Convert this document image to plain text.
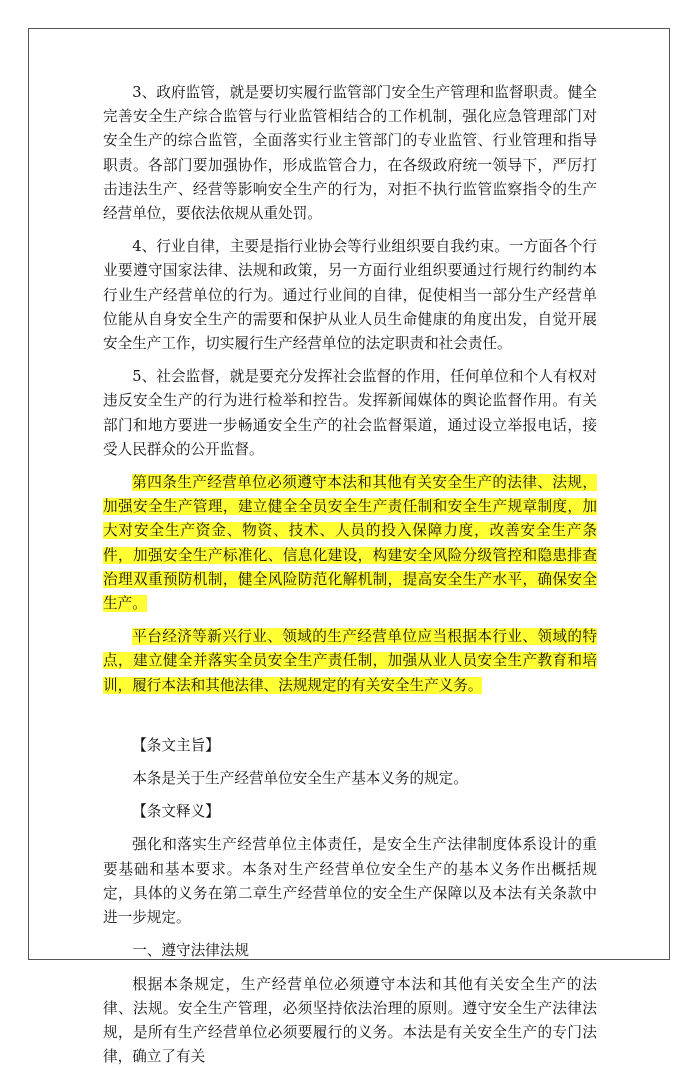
3、政府监管，就是要切实履行监管部门安全生产管理和监督职责。健全完善安全生产综合监管与行业监管相结合的工作机制，强化应急管理部门对安全生产的综合监管，全面落实行业主管部门的专业监管、行业管理和指导职责。各部门要加强协作，形成监管合力，在各级政府统一领导下，严厉打击违法生产、经营等影响安全生产的行为，对拒不执行监管监察指令的生产经营单位，要依法依规从重处罚。

4、行业自律，主要是指行业协会等行业组织要自我约束。一方面各个行业要遵守国家法律、法规和政策，另一方面行业组织要通过行规行约制约本行业生产经营单位的行为。通过行业间的自律，促使相当一部分生产经营单位能从自身安全生产的需要和保护从业人员生命健康的角度出发，自觉开展安全生产工作，切实履行生产经营单位的法定职责和社会责任。

5、社会监督，就是要充分发挥社会监督的作用，任何单位和个人有权对违反安全生产的行为进行检举和控告。发挥新闻媒体的舆论监督作用。有关部门和地方要进一步畅通安全生产的社会监督渠道，通过设立举报电话，接受人民群众的公开监督。

第四条生产经营单位必须遵守本法和其他有关安全生产的法律、法规，加强安全生产管理，建立健全全员安全生产责任制和安全生产规章制度，加大对安全生产资金、物资、技术、人员的投入保障力度，改善安全生产条件，加强安全生产标准化、信息化建设，构建安全风险分级管控和隐患排查治理双重预防机制，健全风险防范化解机制，提高安全生产水平，确保安全生产。

平台经济等新兴行业、领域的生产经营单位应当根据本行业、领域的特点，建立健全并落实全员安全生产责任制，加强从业人员安全生产教育和培训，履行本法和其他法律、法规规定的有关安全生产义务。

【条文主旨】

本条是关于生产经营单位安全生产基本义务的规定。

【条文释义】

强化和落实生产经营单位主体责任，是安全生产法律制度体系设计的重要基础和基本要求。本条对生产经营单位安全生产的基本义务作出概括规定，具体的义务在第二章生产经营单位的安全生产保障以及本法有关条款中进一步规定。

一、遵守法律法规

根据本条规定，生产经营单位必须遵守本法和其他有关安全生产的法律、法规。安全生产管理，必须坚持依法治理的原则。遵守安全生产法律法规，是所有生产经营单位必须要履行的义务。本法是有关安全生产的专门法律，确立了有关
